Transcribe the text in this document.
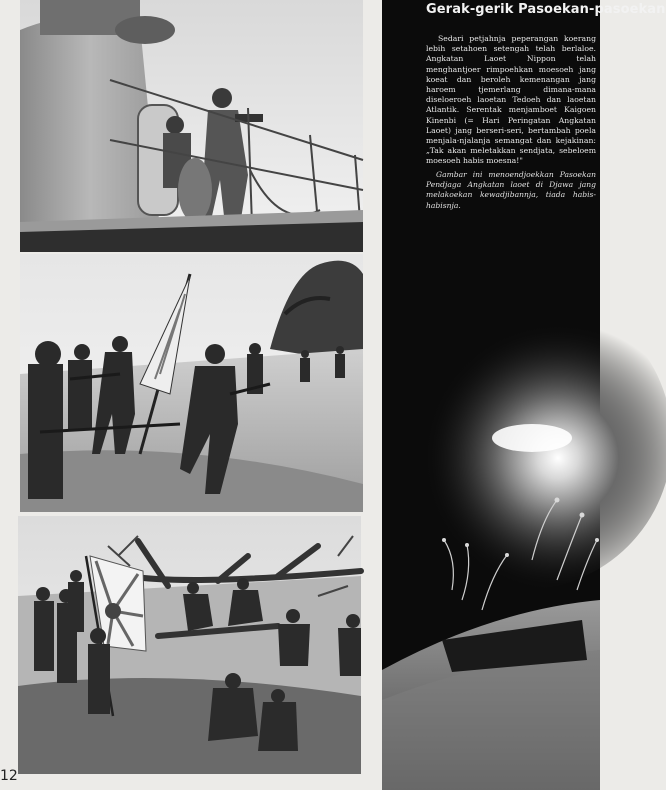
Gerak-gerik Pasoekan-pasoekan
Sedari petjahnja peperangan koerang lebih setahoen setengah telah berlaloe. Angkatan Laoet Nippon telah menghantjoer rimpoehkan moesoeh jang koeat dan beroleh kemenangan jang haroem tjemerlang dimana-mana diseloeroeh laoetan Tedoeh dan laoetan Atlantik. Serentak menjamboet Kaigoen Kinenbi (= Hari Peringatan Angkatan Laoet) jang berseri-seri, bertambah poela menjala-njalanja semangat dan kejakinan: „Tak akan meletakkan sendjata, sebeloem moesoeh habis moesna!"
Gambar ini menoendjoekkan Pasoekan Pendjaga Angkatan laoet di Djawa jang melakoekan kewadjibannja, tiada habis-habisnja.
12
